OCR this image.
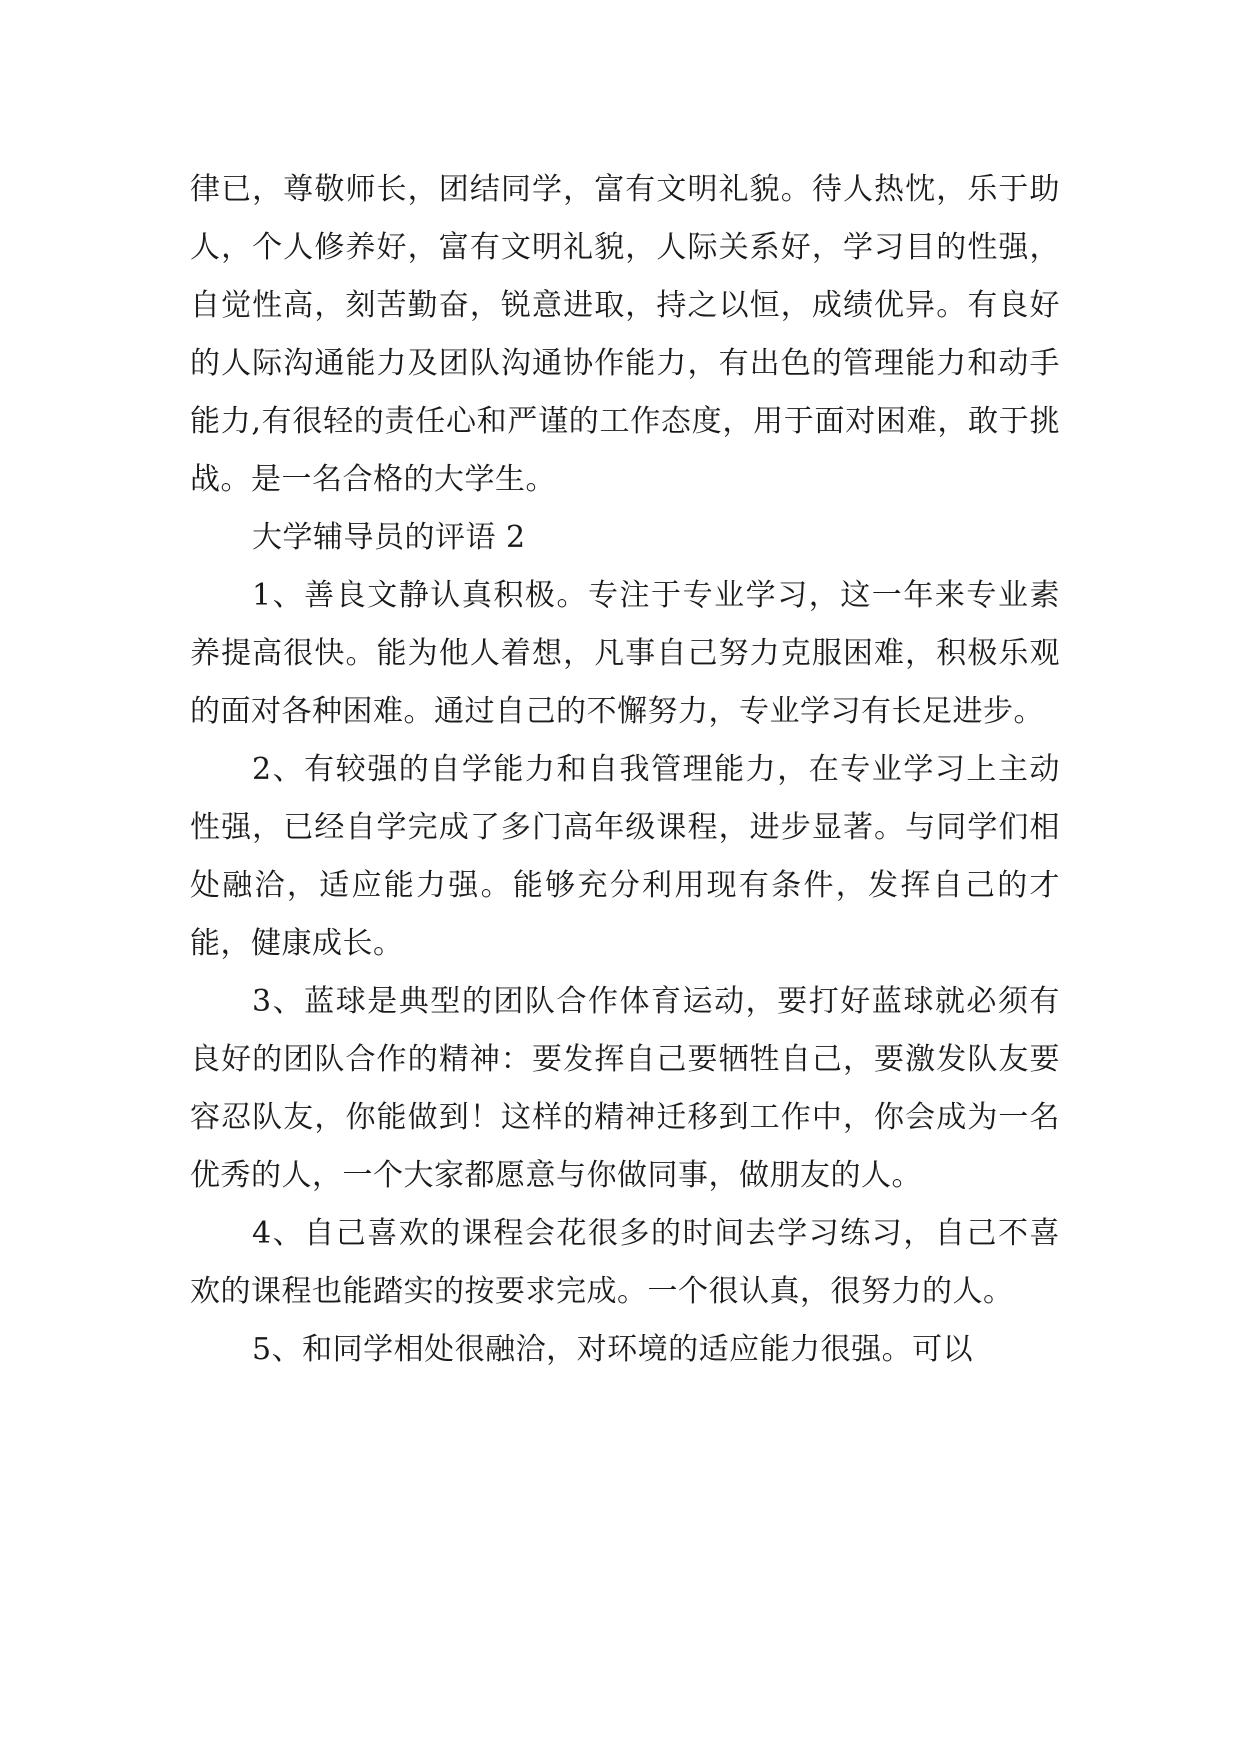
律已，尊敬师长，团结同学，富有文明礼貌。待人热忱，乐于助人，个人修养好，富有文明礼貌，人际关系好，学习目的性强，自觉性高，刻苦勤奋，锐意进取，持之以恒，成绩优异。有良好的人际沟通能力及团队沟通协作能力，有出色的管理能力和动手能力,有很轻的责任心和严谨的工作态度，用于面对困难，敢于挑战。是一名合格的大学生。

大学辅导员的评语 2

1、善良文静认真积极。专注于专业学习，这一年来专业素养提高很快。能为他人着想，凡事自己努力克服困难，积极乐观的面对各种困难。通过自己的不懈努力，专业学习有长足进步。

2、有较强的自学能力和自我管理能力，在专业学习上主动性强，已经自学完成了多门高年级课程，进步显著。与同学们相处融洽，适应能力强。能够充分利用现有条件，发挥自己的才能，健康成长。

3、蓝球是典型的团队合作体育运动，要打好蓝球就必须有良好的团队合作的精神：要发挥自己要牺牲自己，要激发队友要容忍队友，你能做到！这样的精神迁移到工作中，你会成为一名优秀的人，一个大家都愿意与你做同事，做朋友的人。

4、自己喜欢的课程会花很多的时间去学习练习，自己不喜欢的课程也能踏实的按要求完成。一个很认真，很努力的人。

5、和同学相处很融洽，对环境的适应能力很强。可以
